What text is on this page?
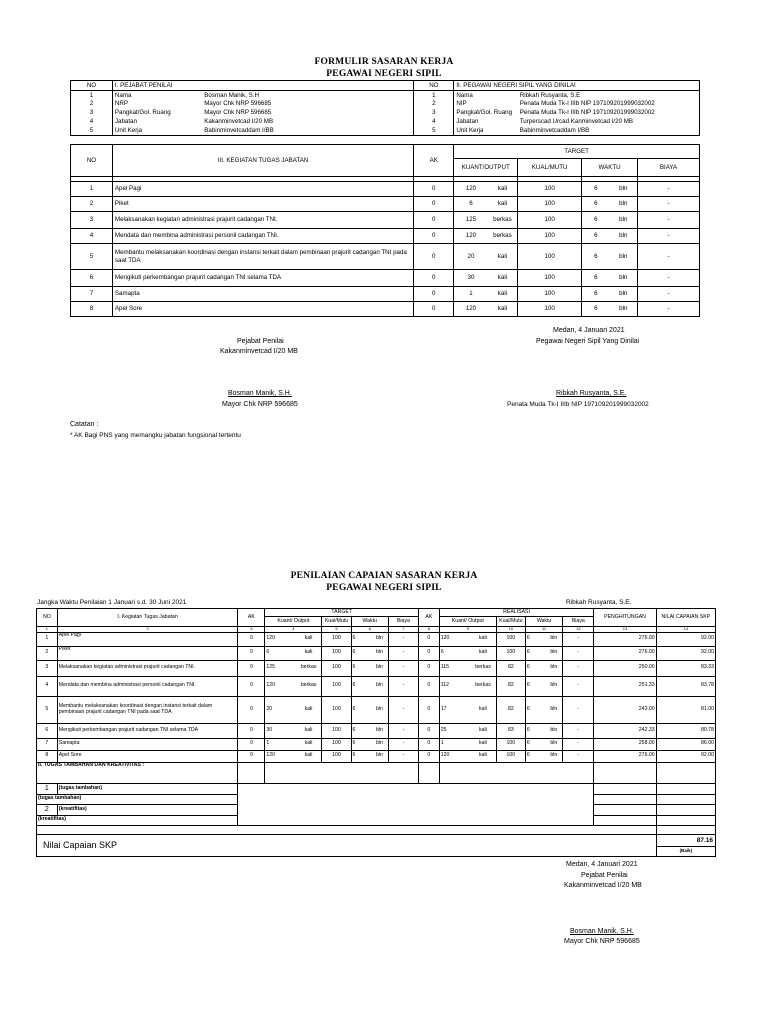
FORMULIR SASARAN KERJA
PEGAWAI NEGERI SIPIL
NO	I. PEJABAT PENILAI		NO	II. PEGAWAI NEGERI SIPIL YANG DINILAI	
1	Nama	Bosman Manik, S.H	1	Nama	Ribkah Rusyanta, S.E
2	NRP	Mayor Chk NRP 596685	2	NIP	Penata Muda Tk-I IIIb NIP 197109201999032002
3	Pangkat/Gol. Ruang	Mayor Chk NRP 596685	3	Pangkat/Gol. Ruang	Penata Muda Tk-I IIIb NIP 197109201999032002
4	Jabatan	Kakanminvetcad I/20 MB	4	Jabatan	Turperscad Urcad Kanminvetcad I/20 MB
5	Unit Kerja	Babinminvetcaddam I/BB	5	Unit Kerja	Babinminvetcaddam I/BB
NO	III. KEGIATAN TUGAS JABATAN	AK	TARGET					
			KUANT/OUTPUT		KUAL/MUTU	WAKTU		BIAYA

1	Apel Pagi	0	120	kali	100	6	bln	-
2	Piket	0	6	kali	100	6	bln	-
3	Melaksanakan kegiatan administrasi prajurit cadangan TNI.	0	125	berkas	100	6	bln	-
4	Mendata dan membina administrasi personil cadangan TNI.	0	120	berkas	100	6	bln	-
5	Membantu melaksanakan koordinasi dengan instansi terkait dalam pembinaan prajurit cadangan TNI pada saat TDA	0	20	kali	100	6	bln	-
6	Mengikuti perkembangan prajurit cadangan TNI selama TDA	0	30	kali	100	6	bln	-
7	Samapta	0	1	kali	100	6	bln	-
8	Apel Sore	0	120	kali	100	6	bln	-
Medan, 4 Januari 2021
Pejabat Penilai	Pegawai Negeri Sipil Yang Dinilai
Kakanminvetcad I/20 MB
Bosman Manik, S.H.	Ribkah Rusyanta, S.E.
Mayor Chk NRP 596685	Penata Muda Tk-I IIIb NIP 197109201999032002
Catatan :
* AK Bagi PNS yang memangku jabatan fungsional tertentu
PENILAIAN CAPAIAN SASARAN KERJA
PEGAWAI NEGERI SIPIL
Jangka Waktu Penilaian 1 Januari s.d. 30 Juni 2021	Ribkah Rusyanta, S.E.
NO	I. Kegiatan Tugas Jabatan	AK	TARGET				AK	REALISASI				PENGHITUNGAN	NILAI CAPAIAN SKP
			Kuant/ Output	Kual/Mutu	Waktu	Biaya		Kuant/ Output	Kual/Mutu	Waktu	Biaya		
1	2	3	4	5	6	7	8	9	10	11	12	13	14
1	Apel Pagi	0	120 kali	100	6 bln	-	0	120 kali	100	6 bln	-	276.00	92.00
2	Piket	0	6 kali	100	6 bln	-	0	6 kali	100	6 bln	-	276.00	92.00
3	Melaksanakan kegiatan administrasi prajurit cadangan TNI.	0	125 berkas	100	6 bln	-	0	115 berkas	82	6 bln	-	250.00	83.33
4	Mendata dan membina administrasi personil cadangan TNI.	0	120 berkas	100	6 bln	-	0	112 berkas	82	6 bln	-	251.33	83.78
5	Membantu melaksanakan koordinasi dengan instansi terkait dalam pembinaan prajurit cadangan TNI pada saat TDA	0	20 kali	100	6 bln	-	0	17 kali	82	6 bln	-	243.00	81.00
6	Mengikuti perkembangan prajurit cadangan TNI selama TDA	0	30 kali	100	6 bln	-	0	25 kali	83	6 bln	-	242.33	80.78
7	Samapta	0	1 kali	100	6 bln	-	0	1 kali	100	6 bln	-	258.00	86.00
8	Apel Sore	0	120 kali	100	6 bln	-	0	120 kali	100	6 bln	-	276.00	92.00
II. TUGAS TAMBAHAN DAN KREATIVITAS :													
1	(tugas tambahan)												
(tugas tambahan)													
2	(kreatifitas)												
(kreatifitas)													

Nilai Capaian SKP													87.16
(Baik)
Medan, 4 Januari 2021
Pejabat Penilai
Kakanminvetcad I/20 MB
Bosman Manik, S.H.
Mayor Chk NRP 596685
